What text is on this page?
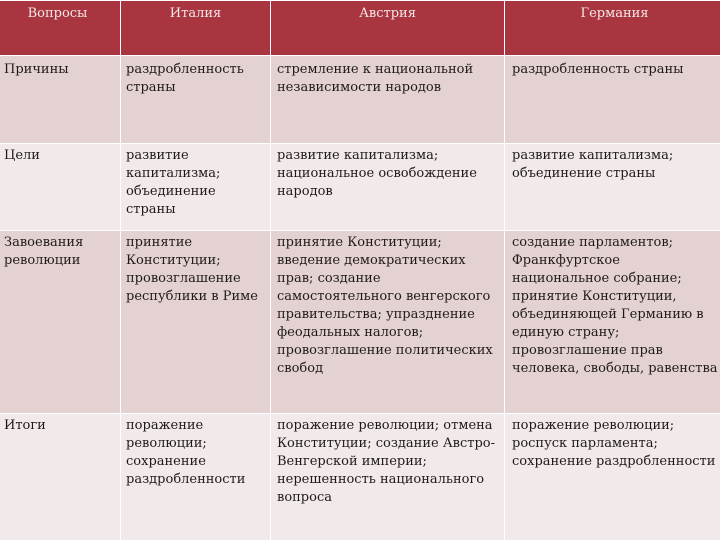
Вопросы	Италия	Австрия	Германия

Причины	раздробленность страны	стремление к национальной независимости народов	раздробленность страны

Цели	развитие капитализма; объединение страны	развитие капитализма; национальное освобождение народов	развитие капитализма; объединение страны

Завоевания революции	принятие Конституции; провозглашение республики в Риме	принятие Конституции; введение демократических прав; создание самостоятельного венгерского правительства; упразднение феодальных налогов; провозглашение политических свобод	создание парламентов; Франкфуртское национальное собрание; принятие Конституции, объединяющей Германию в единую страну; провозглашение прав человека, свободы, равенства

Итоги	поражение революции; сохранение раздробленности	поражение революции; отмена Конституции; создание Австро-Венгерской империи; нерешенность национального вопроса	поражение революции; роспуск парламента; сохранение раздробленности
